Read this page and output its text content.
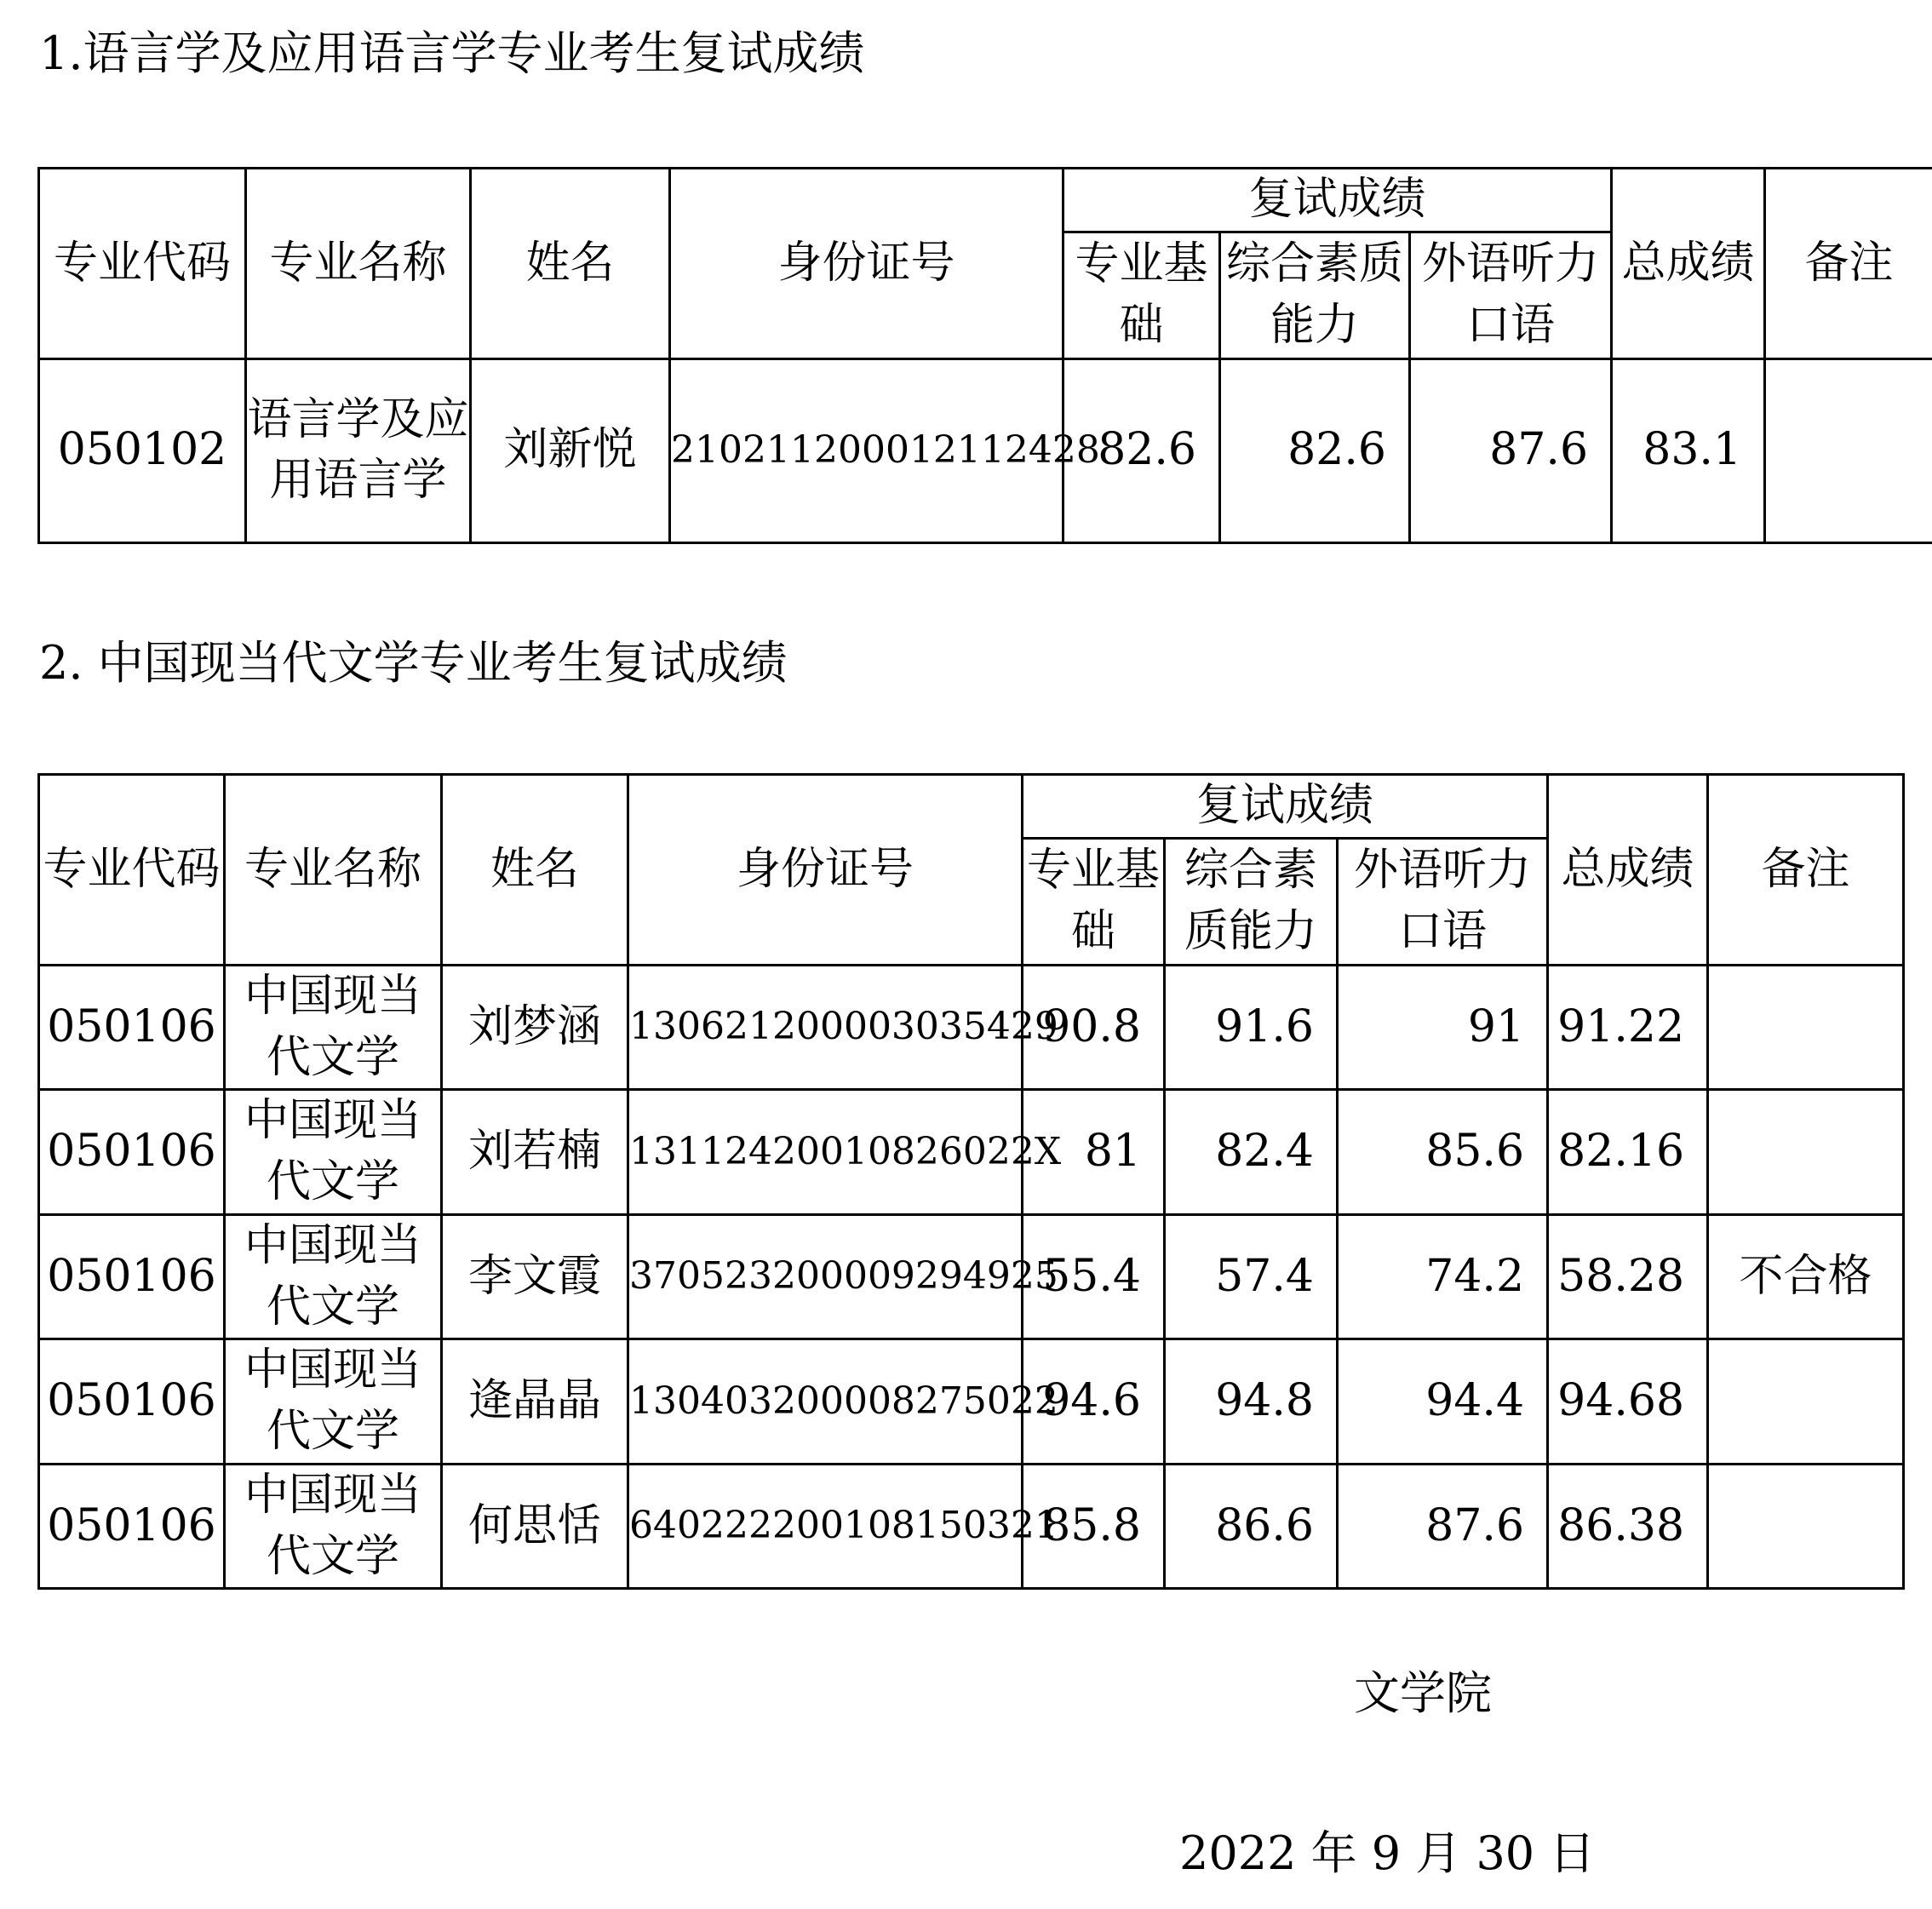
1.语言学及应用语言学专业考生复试成绩
专业代码	专业名称	姓名	身份证号	复试成绩			总成绩	备注
				专业基础	综合素质能力	外语听力口语		
050102	语言学及应用语言学	刘新悦	210211200012112428	82.6	82.6	87.6	83.1	
2. 中国现当代文学专业考生复试成绩
专业代码	专业名称	姓名	身份证号	复试成绩			总成绩	备注
				专业基础	综合素质能力	外语听力口语		
050106	中国现当代文学	刘梦涵	130621200003035429	90.8	91.6	91	91.22	
050106	中国现当代文学	刘若楠	13112420010826022X	81	82.4	85.6	82.16	
050106	中国现当代文学	李文霞	370523200009294925	55.4	57.4	74.2	58.28	不合格
050106	中国现当代文学	逄晶晶	130403200008275022	94.6	94.8	94.4	94.68	
050106	中国现当代文学	何思恬	640222200108150321	85.8	86.6	87.6	86.38	
文学院
2022 年 9 月 30 日
